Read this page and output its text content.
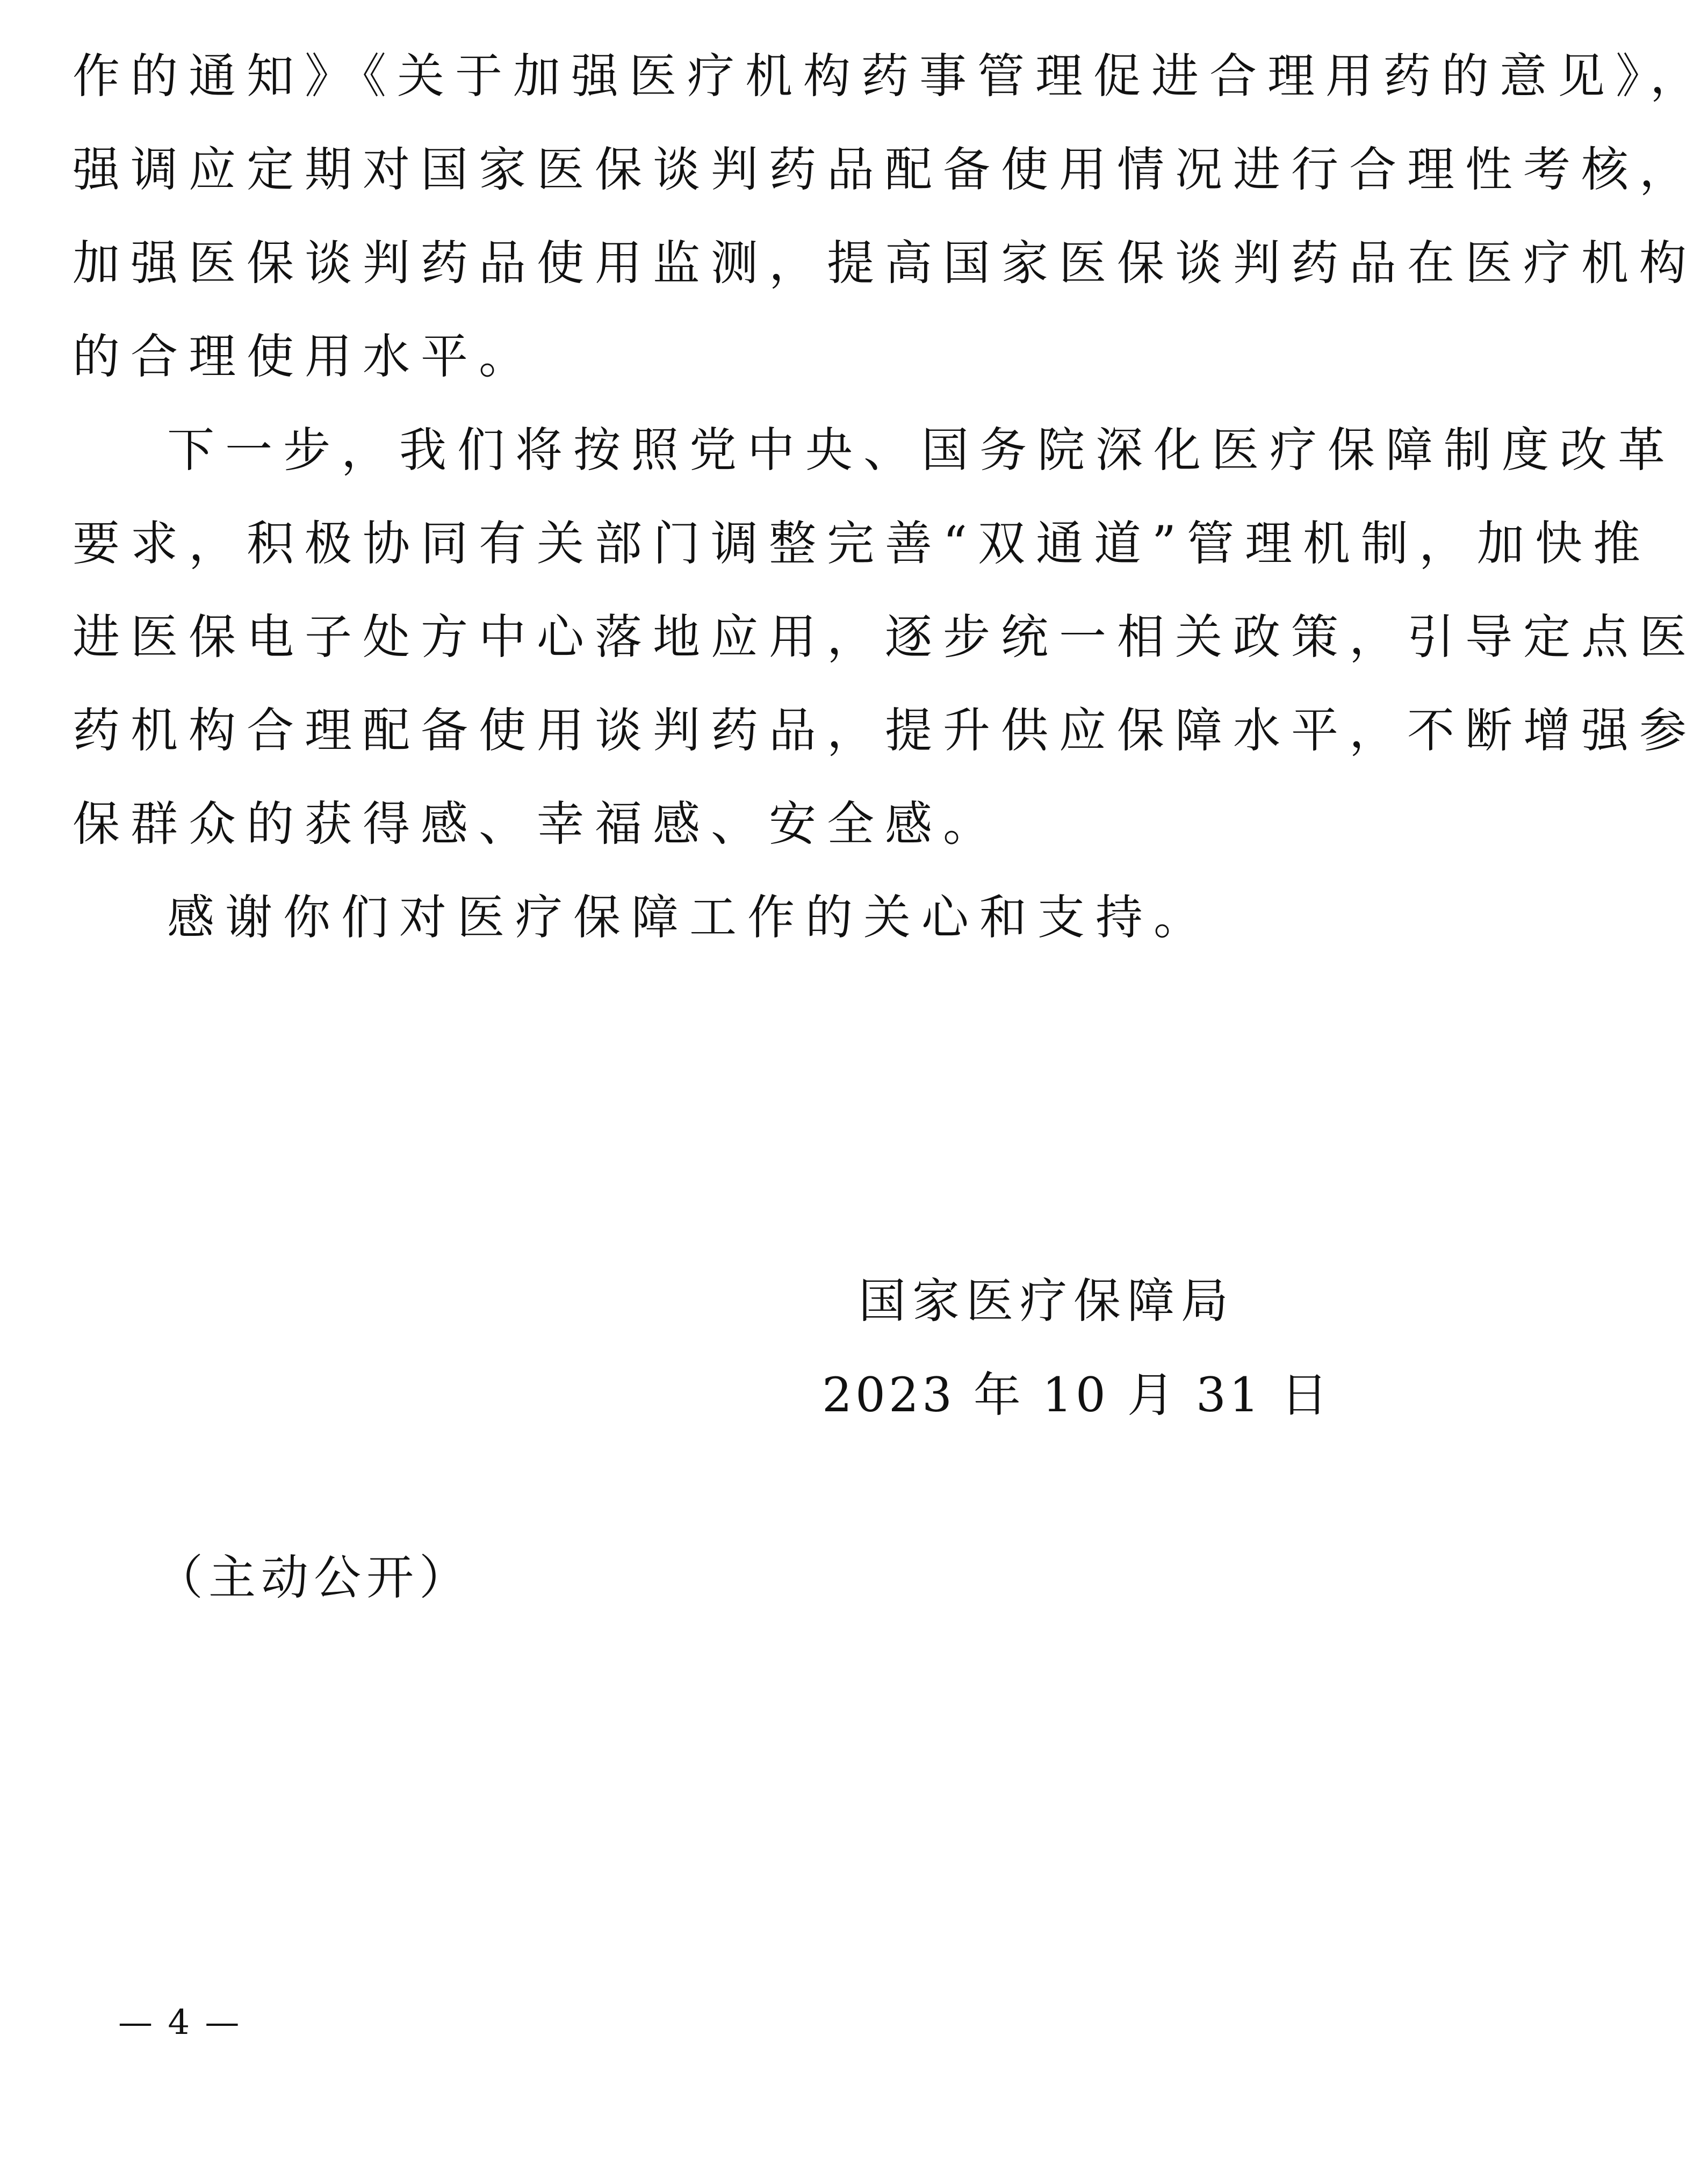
作的通知》《关于加强医疗机构药事管理促进合理用药的意见》，
强调应定期对国家医保谈判药品配备使用情况进行合理性考核，
加强医保谈判药品使用监测，提高国家医保谈判药品在医疗机构
的合理使用水平。
下一步，我们将按照党中央、国务院深化医疗保障制度改革
要求，积极协同有关部门调整完善“双通道”管理机制，加快推
进医保电子处方中心落地应用，逐步统一相关政策，引导定点医
药机构合理配备使用谈判药品，提升供应保障水平，不断增强参
保群众的获得感、幸福感、安全感。
感谢你们对医疗保障工作的关心和支持。
国家医疗保障局
2023 年 10 月 31 日
（主动公开）
— 4 —
